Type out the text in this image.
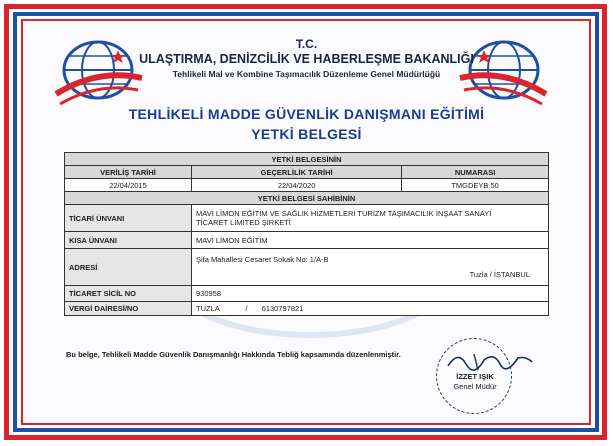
T.C.
ULAŞTIRMA, DENİZCİLİK VE HABERLEŞME BAKANLIĞI
Tehlikeli Mal ve Kombine Taşımacılık Düzenleme Genel Müdürlüğü
TEHLİKELİ MADDE GÜVENLİK DANIŞMANI EĞİTİMİ
YETKİ BELGESİ
YETKİ BELGESİNİN		
VERİLİŞ TARİHİ	GEÇERLİLİK TARİHİ	NUMARASI
22/04/2015	22/04/2020	TMGDEYB.50
YETKİ BELGESİ SAHİBİNİN		
TİCARİ ÜNVANI	MAVİ LİMON EĞİTİM VE SAĞLIK HİZMETLERİ TURİZM TAŞIMACILIK İNŞAAT SANAYİ
TİCARET LİMİTED ŞİRKETİ	

KISA ÜNVANI	MAVİ LİMON EĞİTİM	
ADRESİ	Şifa Mahallesi Cesaret Sokak No: 1/A-B
Tuzla / İSTANBUL	

TİCARET SİCİL NO	930958	
VERGİ DAİRESİ/NO	TUZLA / 6130797821	
Bu belge, Tehlikeli Madde Güvenlik Danışmanlığı Hakkında Tebliğ kapsamında düzenlenmiştir.
İZZET IŞIK
Genel Müdür
